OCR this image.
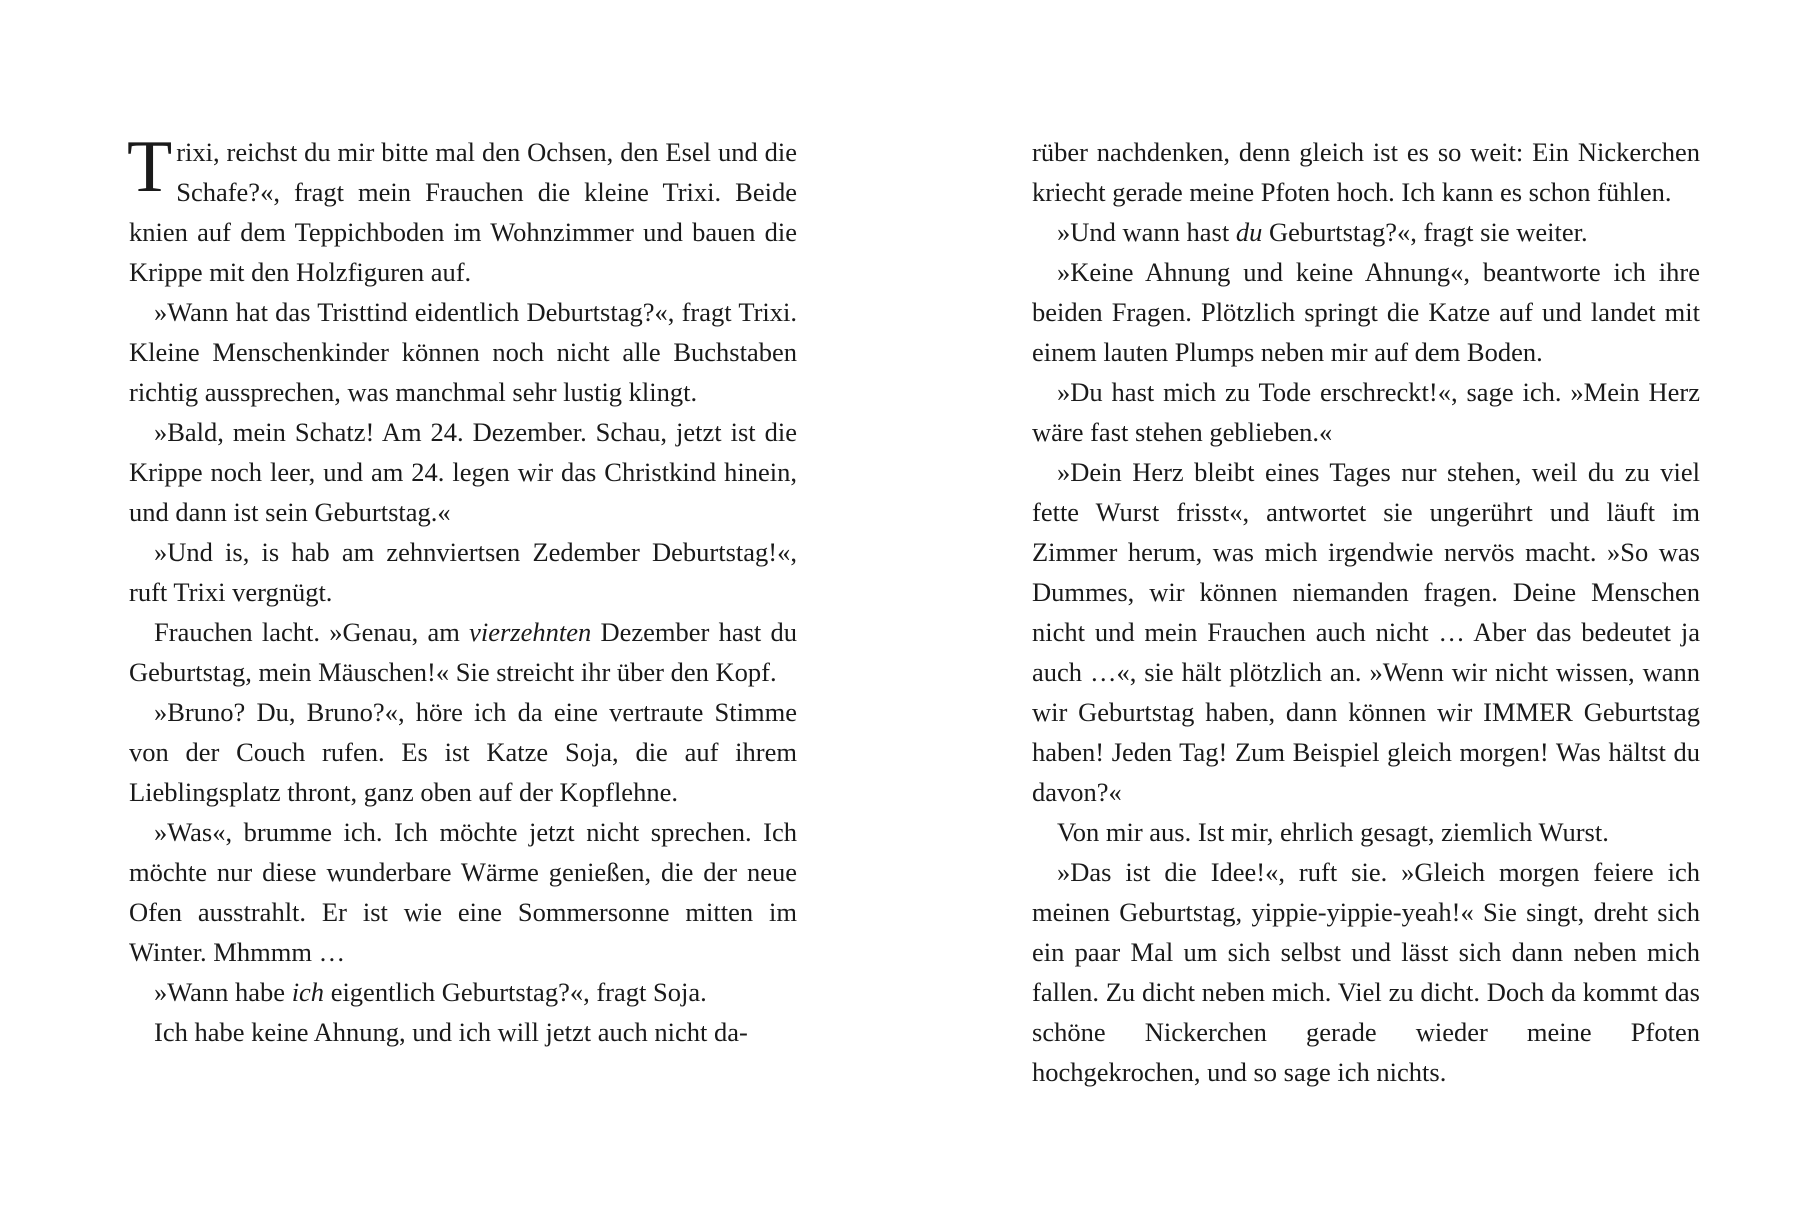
Trixi, reichst du mir bitte mal den Ochsen, den Esel und die Schafe?«, fragt mein Frauchen die kleine Trixi. Beide knien auf dem Teppichboden im Wohnzimmer und bauen die Krippe mit den Holzfiguren auf.

»Wann hat das Tristtind eidentlich Deburtstag?«, fragt Trixi. Kleine Menschenkinder können noch nicht alle Buchstaben richtig aussprechen, was manchmal sehr lustig klingt.

»Bald, mein Schatz! Am 24. Dezember. Schau, jetzt ist die Krippe noch leer, und am 24. legen wir das Christkind hinein, und dann ist sein Geburtstag.«

»Und is, is hab am zehnviertsen Zedember Deburtstag!«, ruft Trixi vergnügt.

Frauchen lacht. »Genau, am vierzehnten Dezember hast du Geburtstag, mein Mäuschen!« Sie streicht ihr über den Kopf.

»Bruno? Du, Bruno?«, höre ich da eine vertraute Stimme von der Couch rufen. Es ist Katze Soja, die auf ihrem Lieblingsplatz thront, ganz oben auf der Kopflehne.

»Was«, brumme ich. Ich möchte jetzt nicht sprechen. Ich möchte nur diese wunderbare Wärme genießen, die der neue Ofen ausstrahlt. Er ist wie eine Sommersonne mitten im Winter. Mhmmm …

»Wann habe ich eigentlich Geburtstag?«, fragt Soja.

Ich habe keine Ahnung, und ich will jetzt auch nicht da-

rüber nachdenken, denn gleich ist es so weit: Ein Nickerchen kriecht gerade meine Pfoten hoch. Ich kann es schon fühlen.

»Und wann hast du Geburtstag?«, fragt sie weiter.

»Keine Ahnung und keine Ahnung«, beantworte ich ihre beiden Fragen. Plötzlich springt die Katze auf und landet mit einem lauten Plumps neben mir auf dem Boden.

»Du hast mich zu Tode erschreckt!«, sage ich. »Mein Herz wäre fast stehen geblieben.«

»Dein Herz bleibt eines Tages nur stehen, weil du zu viel fette Wurst frisst«, antwortet sie ungerührt und läuft im Zimmer herum, was mich irgendwie nervös macht. »So was Dummes, wir können niemanden fragen. Deine Menschen nicht und mein Frauchen auch nicht … Aber das bedeutet ja auch …«, sie hält plötzlich an. »Wenn wir nicht wissen, wann wir Geburtstag haben, dann können wir IMMER Geburtstag haben! Jeden Tag! Zum Beispiel gleich morgen! Was hältst du davon?«

Von mir aus. Ist mir, ehrlich gesagt, ziemlich Wurst.

»Das ist die Idee!«, ruft sie. »Gleich morgen feiere ich meinen Geburtstag, yippie-yippie-yeah!« Sie singt, dreht sich ein paar Mal um sich selbst und lässt sich dann neben mich fallen. Zu dicht neben mich. Viel zu dicht. Doch da kommt das schöne Nickerchen gerade wieder meine Pfoten hochgekrochen, und so sage ich nichts.
